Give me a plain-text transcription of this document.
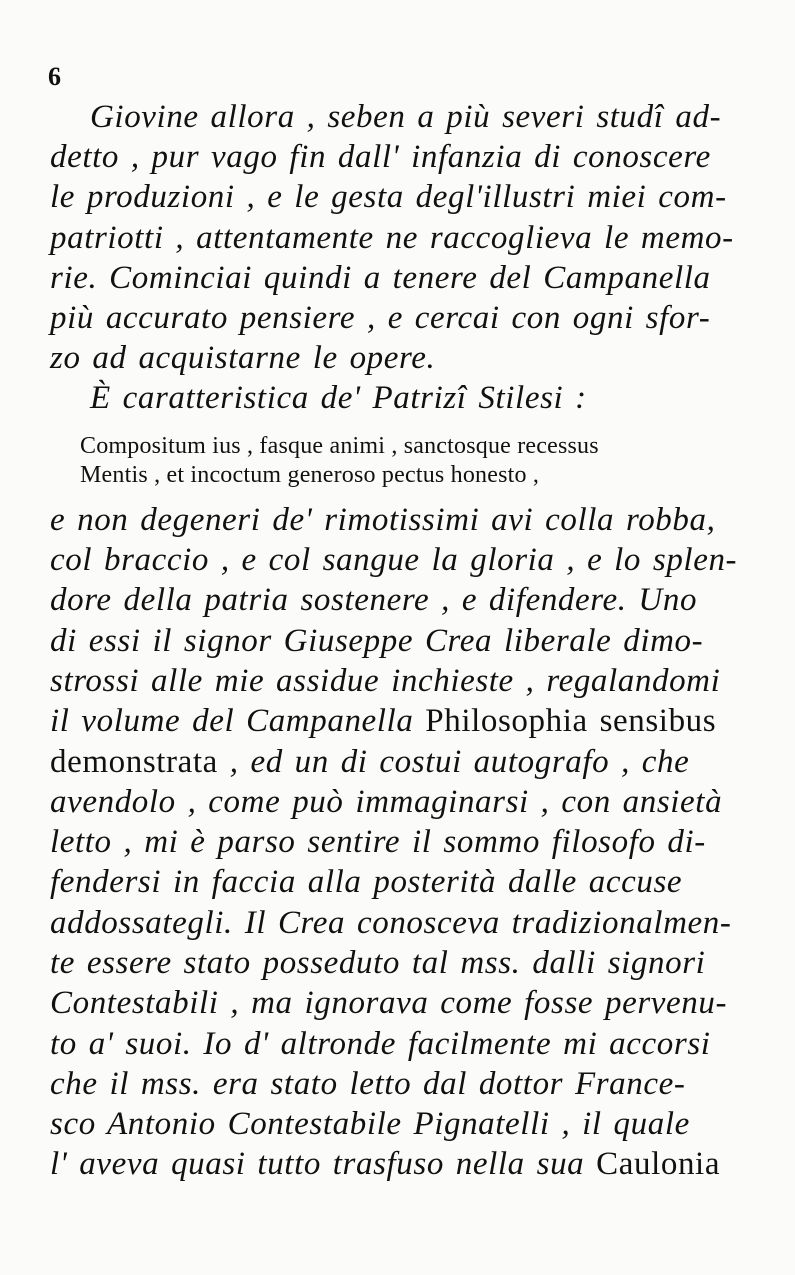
6
Giovine allora , seben a più severi studî ad-
detto , pur vago fin dall' infanzia di conoscere
le produzioni , e le gesta degl'illustri miei com-
patriotti , attentamente ne raccoglieva le memo-
rie. Cominciai quindi a tenere del Campanella
più accurato pensiere , e cercai con ogni sfor-
zo ad acquistarne le opere.
È caratteristica de' Patrizî Stilesi :
Compositum ius , fasque animi , sanctosque recessus
Mentis , et incoctum generoso pectus honesto ,
e non degeneri de' rimotissimi avi colla robba,
col braccio , e col sangue la gloria , e lo splen-
dore della patria sostenere , e difendere. Uno
di essi il signor Giuseppe Crea liberale dimo-
strossi alle mie assidue inchieste , regalandomi
il volume del Campanella Philosophia sensibus
demonstrata , ed un di costui autografo , che
avendolo , come può immaginarsi , con ansietà
letto , mi è parso sentire il sommo filosofo di-
fendersi in faccia alla posterità dalle accuse
addossategli. Il Crea conosceva tradizionalmen-
te essere stato posseduto tal mss. dalli signori
Contestabili , ma ignorava come fosse pervenu-
to a' suoi. Io d' altronde facilmente mi accorsi
che il mss. era stato letto dal dottor France-
sco Antonio Contestabile Pignatelli , il quale
l' aveva quasi tutto trasfuso nella sua Caulonia
